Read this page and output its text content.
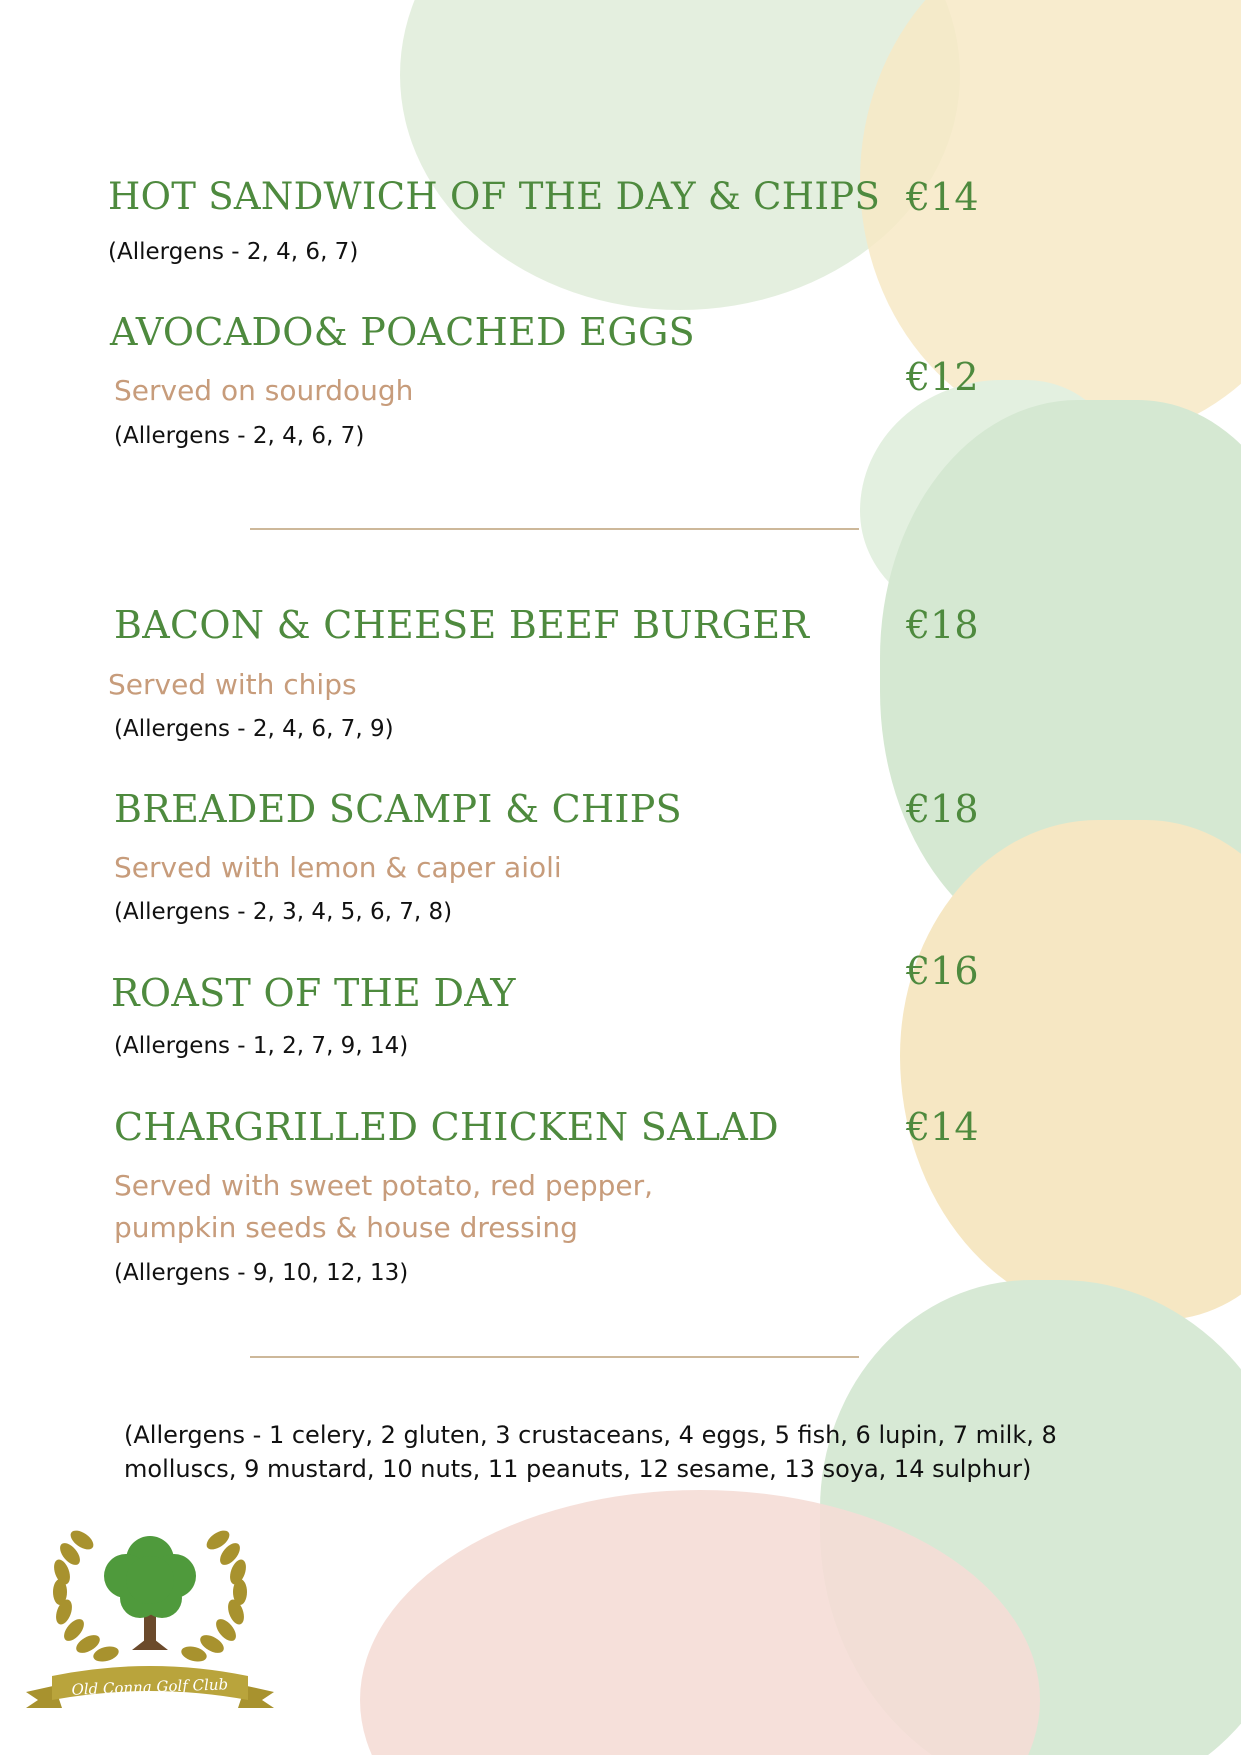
HOT SANDWICH OF THE DAY & CHIPS €14
(Allergens - 2, 4, 6, 7)
AVOCADO& POACHED EGGS
€12
Served on sourdough
(Allergens - 2, 4, 6, 7)
BACON & CHEESE BEEF BURGER	€18
Served with chips
(Allergens - 2, 4, 6, 7, 9)
BREADED SCAMPI & CHIPS	€18
Served with lemon & caper aioli
(Allergens - 2, 3, 4, 5, 6, 7, 8)
ROAST OF THE DAY	€16
(Allergens - 1, 2, 7, 9, 14)
CHARGRILLED CHICKEN SALAD	€14
Served with sweet potato, red pepper,
pumpkin seeds & house dressing
(Allergens - 9, 10, 12, 13)
(Allergens - 1 celery, 2 gluten, 3 crustaceans, 4 eggs, 5 fish, 6 lupin, 7 milk, 8
molluscs, 9 mustard, 10 nuts, 11 peanuts, 12 sesame, 13 soya, 14 sulphur)
Old Conna Golf Club
